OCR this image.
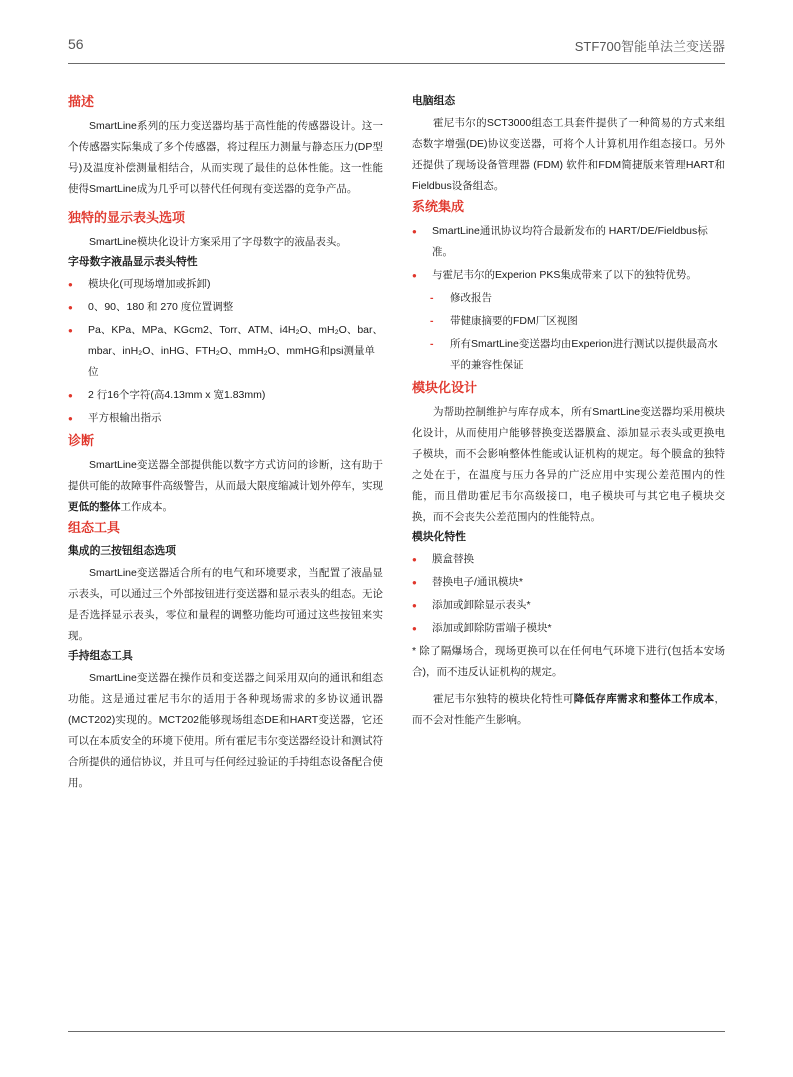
56	STF700智能单法兰变送器
描述

SmartLine系列的压力变送器均基于高性能的传感器设计。这一个传感器实际集成了多个传感器，将过程压力测量与静态压力(DP型号)及温度补偿测量相结合，从而实现了最佳的总体性能。这一性能使得SmartLine成为几乎可以替代任何现有变送器的竞争产品。

独特的显示表头选项

SmartLine模块化设计方案采用了字母数字的液晶表头。

字母数字液晶显示表头特性
● 模块化(可现场增加或拆卸)
● 0、90、180 和 270 度位置调整
● Pa、KPa、MPa、KGcm2、Torr、ATM、i4H₂O、mH₂O、bar、mbar、inH₂O、inHG、FTH₂O、mmH₂O、mmHG和psi测量单位
● 2 行16个字符(高4.13mm x 宽1.83mm)
● 平方根输出指示
诊断

SmartLine变送器全部提供能以数字方式访问的诊断，这有助于提供可能的故障事件高级警告，从而最大限度缩减计划外停车，实现更低的整体工作成本。

组态工具
集成的三按钮组态选项

SmartLine变送器适合所有的电气和环境要求，当配置了液晶显示表头，可以通过三个外部按钮进行变送器和显示表头的组态。无论是否选择显示表头，零位和量程的调整功能均可通过这些按钮来实现。

手持组态工具

SmartLine变送器在操作员和变送器之间采用双向的通讯和组态功能。这是通过霍尼韦尔的适用于各种现场需求的多协议通讯器(MCT202)实现的。MCT202能够现场组态DE和HART变送器，它还可以在本质安全的环境下使用。所有霍尼韦尔变送器经设计和测试符合所提供的通信协议，并且可与任何经过验证的手持组态设备配合使用。

电脑组态

霍尼韦尔的SCT3000组态工具套件提供了一种简易的方式来组态数字增强(DE)协议变送器，可将个人计算机用作组态接口。另外还提供了现场设备管理器 (FDM) 软件和FDM简捷版来管理HART和Fieldbus设备组态。

系统集成
● SmartLine通讯协议均符合最新发布的 HART/DE/Fieldbus标准。
● 与霍尼韦尔的Experion PKS集成带来了以下的独特优势。
- 修改报告
- 带健康摘要的FDM厂区视图
- 所有SmartLine变送器均由Experion进行测试以提供最高水平的兼容性保证
模块化设计

为帮助控制维护与库存成本，所有SmartLine变送器均采用模块化设计，从而使用户能够替换变送器膜盒、添加显示表头或更换电子模块，而不会影响整体性能或认证机构的规定。每个膜盒的独特之处在于，在温度与压力各异的广泛应用中实现公差范围内的性能，而且借助霍尼韦尔高级接口，电子模块可与其它电子模块交换，而不会丧失公差范围内的性能特点。

模块化特性
● 膜盒替换
● 替换电子/通讯模块*
● 添加或卸除显示表头*
● 添加或卸除防雷端子模块*

* 除了隔爆场合，现场更换可以在任何电气环境下进行(包括本安场合)，而不违反认证机构的规定。

霍尼韦尔独特的模块化特性可降低存库需求和整体工作成本，而不会对性能产生影响。
